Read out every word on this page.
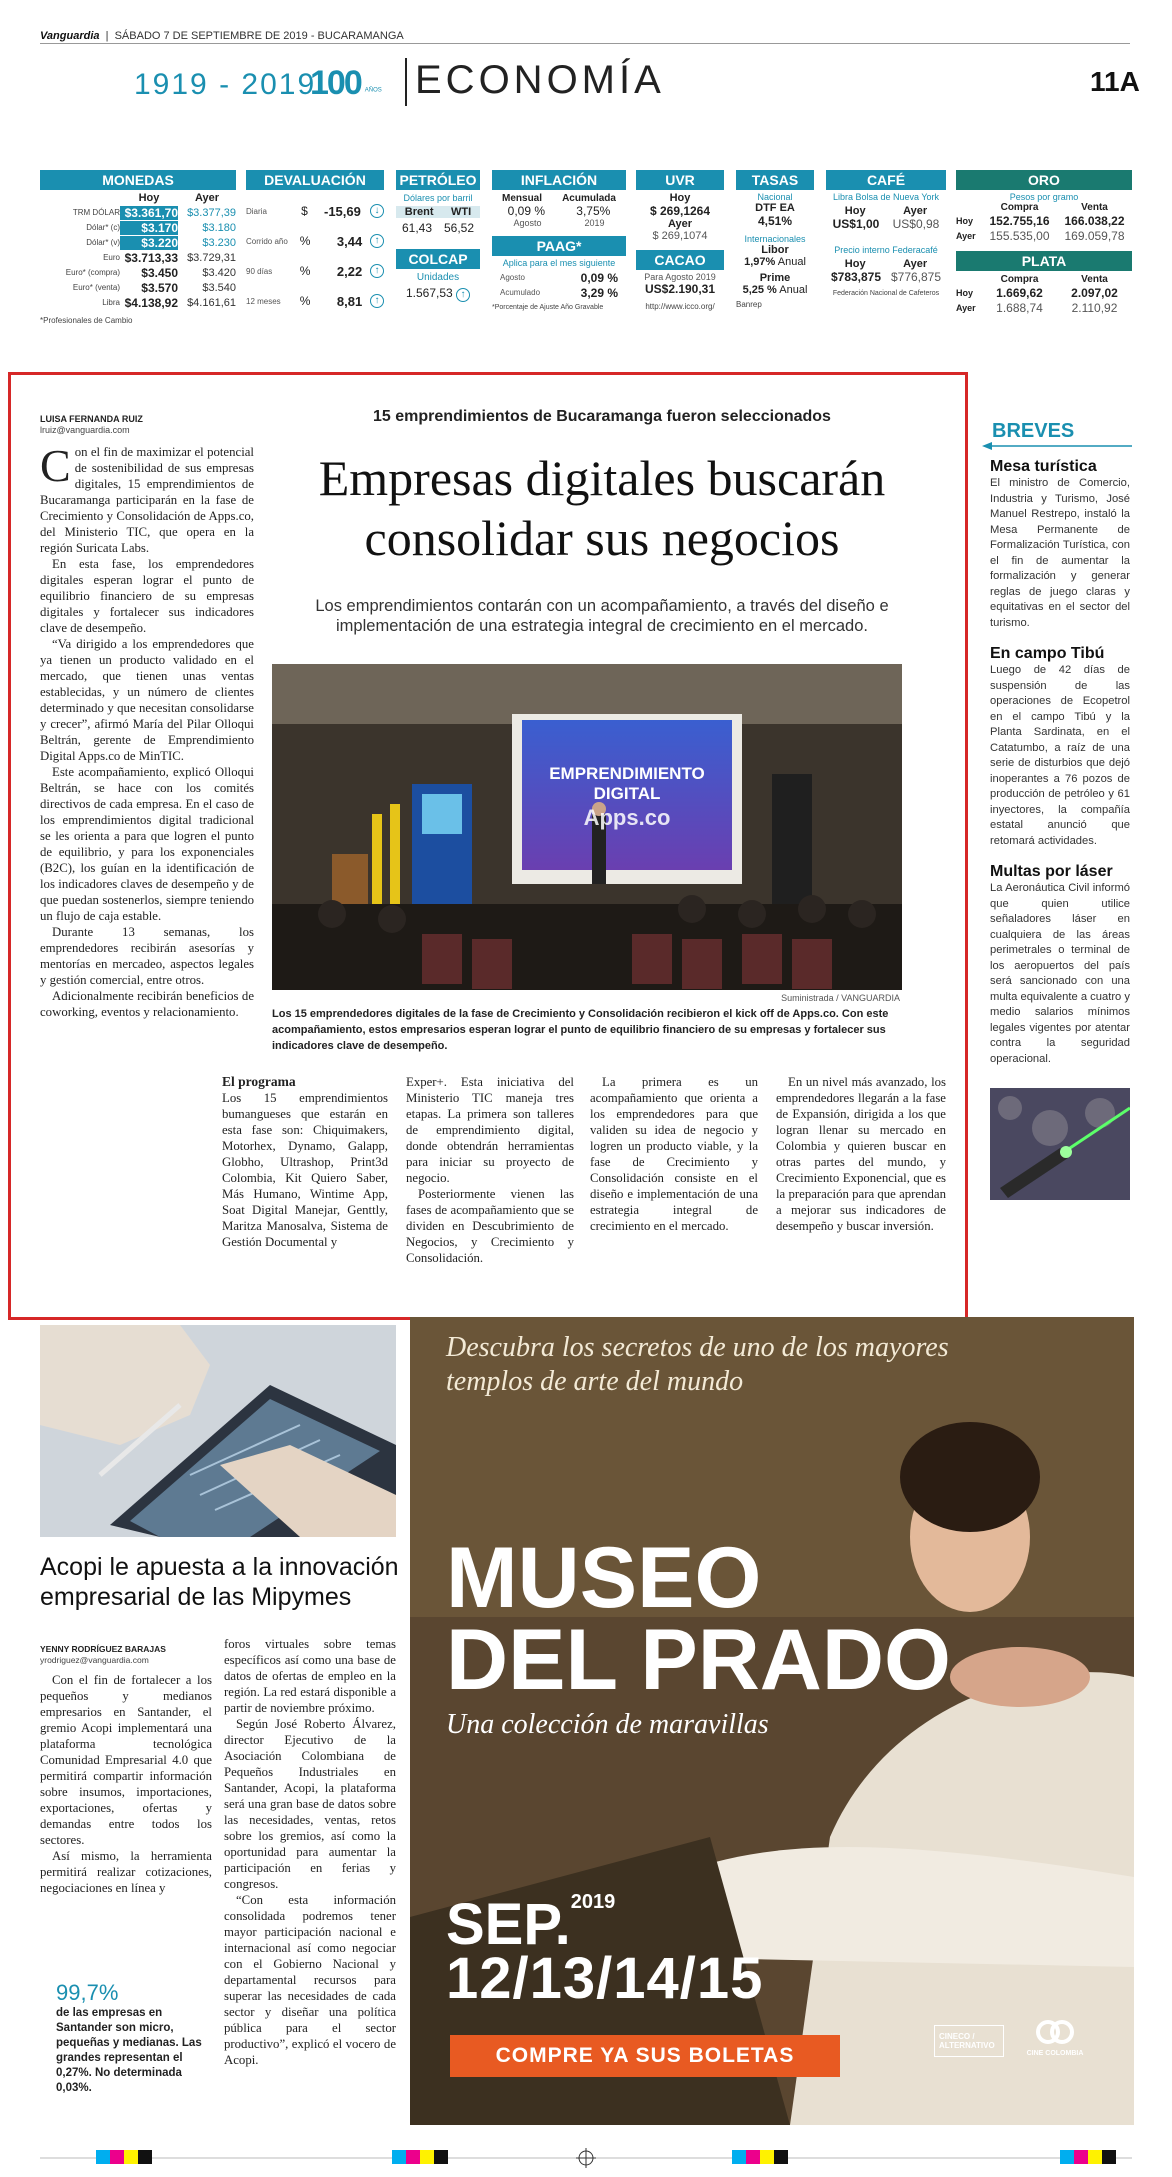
Vanguardia  |  SÁBADO 7 DE SEPTIEMBRE DE 2019 - BUCARAMANGA
1919 - 2019
100 AÑOS ECONOMÍA	11A
MONEDAS
Hoy	Ayer
TRM DÓLAR $3.361,70 $3.377,39
Dólar* (c)	$3.170	$3.180
Dólar* (v)	$3.220	$3.230
Euro $3.713,33 $3.729,31
Euro* (compra)	$3.450	$3.420
Euro* (venta)	$3.570	$3.540
Libra $4.138,92 $4.161,61
*Profesionales de Cambio
DEVALUACIÓN
Diaria	$	-15,69	↓
Corrido año %	3,44	↑
90 días	%	2,22	↑
12 meses	%	8,81	↑
PETRÓLEO
Dólares por barril
Brent WTI
61,43 56,52
COLCAP
Unidades
1.567,53 ↑
INFLACIÓN
Mensual Acumulada
0,09 %	3,75%
Agosto	2019
PAAG*
Aplica para el mes siguiente
Agosto	0,09 %
Acumulado	3,29 %
*Porcentaje de Ajuste Año Gravable
UVR
Hoy
$ 269,1264
Ayer
$ 269,1074
CACAO
Para Agosto 2019
US$2.190,31
http://www.icco.org/
TASAS
Nacional
DTF EA
4,51%
Internacionales
Libor
1,97% Anual
Prime
5,25 % Anual
Banrep
CAFÉ
Libra Bolsa de Nueva York
Hoy	Ayer
US$1,00 US$0,98
Precio interno Federacafé
Hoy	Ayer
$783,875 $776,875
Federación Nacional de Cafeteros
ORO
Pesos por gramo
Compra	Venta
Hoy	152.755,16	166.038,22
Ayer	155.535,00	169.059,78
PLATA
Compra	Venta
Hoy	1.669,62	2.097,02
Ayer	1.688,74	2.110,92
LUISA FERNANDA RUIZ
lruiz@vanguardia.com

Con el fin de maximizar el potencial de sostenibilidad de sus empresas digitales, 15 emprendimientos de Bucaramanga participarán en la fase de Crecimiento y Consolidación de Apps.co, del Ministerio TIC, que opera en la región Suricata Labs.

En esta fase, los emprendedores digitales esperan lograr el punto de equilibrio financiero de su empresas digitales y fortalecer sus indicadores clave de desempeño.

“Va dirigido a los emprendedores que ya tienen un producto validado en el mercado, que tienen unas ventas establecidas, y un número de clientes determinado y que necesitan consolidarse y crecer”, afirmó María del Pilar Olloqui Beltrán, gerente de Emprendimiento Digital Apps.co de MinTIC.

Este acompañamiento, explicó Olloqui Beltrán, se hace con los comités directivos de cada empresa. En el caso de los emprendimientos digital tradicional se les orienta a para que logren el punto de equilibrio, y para los exponenciales (B2C), los guían en la identificación de los indicadores claves de desempeño y de que puedan sostenerlos, siempre teniendo un flujo de caja estable.

Durante 13 semanas, los emprendedores recibirán asesorías y mentorías en mercadeo, aspectos legales y gestión comercial, entre otros.

Adicionalmente recibirán beneficios de coworking, eventos y relacionamiento.

15 emprendimientos de Bucaramanga fueron seleccionados
Empresas digitales buscarán consolidar sus negocios
Los emprendimientos contarán con un acompañamiento, a través del diseño e implementación de una estrategia integral de crecimiento en el mercado.
EMPRENDIMIENTO
DIGITAL
Apps.co
Suministrada / VANGUARDIA
Los 15 emprendedores digitales de la fase de Crecimiento y Consolidación recibieron el kick off de Apps.co. Con este acompañamiento, estos empresarios esperan lograr el punto de equilibrio financiero de su empresas y fortalecer sus indicadores clave de desempeño.

El programa

Los 15 emprendimientos bumangueses que estarán en esta fase son: Chiquimakers, Motorhex, Dynamo, Galapp, Globho, Ultrashop, Print3d Colombia, Kit Quiero Saber, Más Humano, Wintime App, Soat Digital Manejar, Genttly, Maritza Manosalva, Sistema de Gestión Documental y

Exper+. Esta iniciativa del Ministerio TIC maneja tres etapas. La primera son talleres de emprendimiento digital, donde obtendrán herramientas para iniciar su proyecto de negocio.

Posteriormente vienen las fases de acompañamiento que se dividen en Descubrimiento de Negocios, y Crecimiento y Consolidación.

La primera es un acompañamiento que orienta a los emprendedores para que validen su idea de negocio y logren un producto viable, y la fase de Crecimiento y Consolidación consiste en el diseño e implementación de una estrategia integral de crecimiento en el mercado.

En un nivel más avanzado, los emprendedores llegarán a la fase de Expansión, dirigida a los que logran llenar su mercado en Colombia y quieren buscar en otras partes del mundo, y Crecimiento Exponencial, que es la preparación para que aprendan a mejorar sus indicadores de desempeño y buscar inversión.

BREVES
Mesa turística
El ministro de Comercio, Industria y Turismo, José Manuel Restrepo, instaló la Mesa Permanente de Formalización Turística, con el fin de aumentar la formalización y generar reglas de juego claras y equitativas en el sector del turismo.
En campo Tibú
Luego de 42 días de suspensión de las operaciones de Ecopetrol en el campo Tibú y la Planta Sardinata, en el Catatumbo, a raíz de una serie de disturbios que dejó inoperantes a 76 pozos de producción de petróleo y 61 inyectores, la compañía estatal anunció que retomará actividades.
Multas por láser
La Aeronáutica Civil informó que quien utilice señaladores láser en cualquiera de las áreas perimetrales o terminal de los aeropuertos del país será sancionado con una multa equivalente a cuatro y medio salarios mínimos legales vigentes por atentar contra la seguridad operacional.
Acopi le apuesta a la innovación empresarial de las Mipymes
YENNY RODRÍGUEZ BARAJAS
yrodriguez@vanguardia.com

Con el fin de fortalecer a los pequeños y medianos empresarios en Santander, el gremio Acopi implementará una plataforma tecnológica Comunidad Empresarial 4.0 que permitirá compartir información sobre insumos, importaciones, exportaciones, ofertas y demandas entre todos los sectores.

Así mismo, la herramienta permitirá realizar cotizaciones, negociaciones en línea y

foros virtuales sobre temas específicos así como una base de datos de ofertas de empleo en la región. La red estará disponible a partir de noviembre próximo.

Según José Roberto Álvarez, director Ejecutivo de la Asociación Colombiana de Pequeños Industriales en Santander, Acopi, la plataforma será una gran base de datos sobre las necesidades, ventas, retos sobre los gremios, así como la oportunidad para aumentar la participación en ferias y congresos.

“Con esta información consolidada podremos tener mayor participación nacional e internacional así como negociar con el Gobierno Nacional y departamental recursos para superar las necesidades de cada sector y diseñar una política pública para el sector productivo”, explicó el vocero de Acopi.

99,7%
de las empresas en Santander son micro, pequeñas y medianas. Las grandes representan el 0,27%. No determinada 0,03%.
Descubra los secretos de uno de los mayores templos de arte del mundo
MUSEO
DEL PRADO
Una colección de maravillas
SEP.2019
12/13/14/15
COMPRE YA SUS BOLETAS
CINECO / ALTERNATIVO
CINE COLOMBIA
